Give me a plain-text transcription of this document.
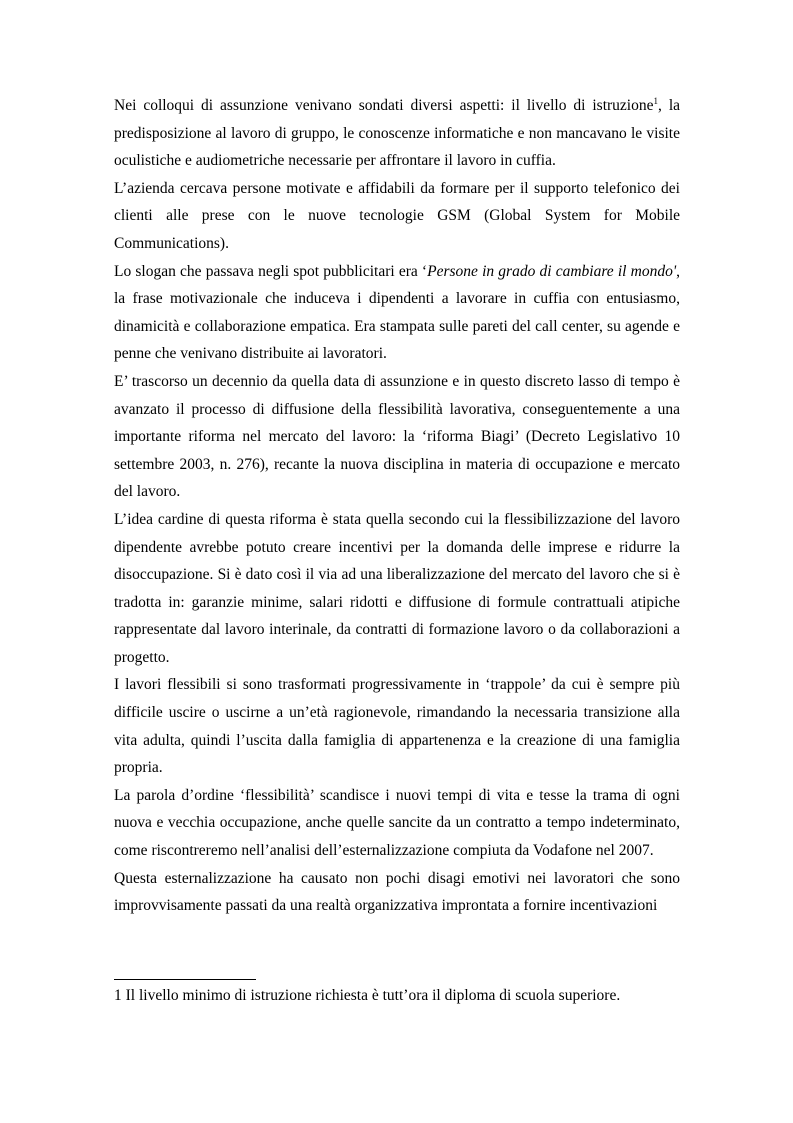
Nei colloqui di assunzione venivano sondati diversi aspetti: il livello di istruzione$^1$, la predisposizione al lavoro di gruppo, le conoscenze informatiche e non mancavano le visite oculistiche e audiometriche necessarie per affrontare il lavoro in cuffia.

L’azienda cercava persone motivate e affidabili da formare per il supporto telefonico dei clienti alle prese con le nuove tecnologie GSM (Global System for Mobile Communications).

Lo slogan che passava negli spot pubblicitari era ‘Persone in grado di cambiare il mondo', la frase motivazionale che induceva i dipendenti a lavorare in cuffia con entusiasmo, dinamicità e collaborazione empatica. Era stampata sulle pareti del call center, su agende e penne che venivano distribuite ai lavoratori.

E’ trascorso un decennio da quella data di assunzione e in questo discreto lasso di tempo è avanzato il processo di diffusione della flessibilità lavorativa, conseguentemente a una importante riforma nel mercato del lavoro: la ‘riforma Biagi’ (Decreto Legislativo 10 settembre 2003, n. 276), recante la nuova disciplina in materia di occupazione e mercato del lavoro.

L’idea cardine di questa riforma è stata quella secondo cui la flessibilizzazione del lavoro dipendente avrebbe potuto creare incentivi per la domanda delle imprese e ridurre la disoccupazione. Si è dato così il via ad una liberalizzazione del mercato del lavoro che si è tradotta in: garanzie minime, salari ridotti e diffusione di formule contrattuali atipiche rappresentate dal lavoro interinale, da contratti di formazione lavoro o da collaborazioni a progetto.

I lavori flessibili si sono trasformati progressivamente in ‘trappole’ da cui è sempre più difficile uscire o uscirne a un’età ragionevole, rimandando la necessaria transizione alla vita adulta, quindi l’uscita dalla famiglia di appartenenza e la creazione di una famiglia propria.

La parola d’ordine ‘flessibilità’ scandisce i nuovi tempi di vita e tesse la trama di ogni nuova e vecchia occupazione, anche quelle sancite da un contratto a tempo indeterminato, come riscontreremo nell’analisi dell’esternalizzazione compiuta da Vodafone nel 2007.

Questa esternalizzazione ha causato non pochi disagi emotivi nei lavoratori che sono improvvisamente passati da una realtà organizzativa improntata a fornire incentivazioni

1 Il livello minimo di istruzione richiesta è tutt’ora il diploma di scuola superiore.
